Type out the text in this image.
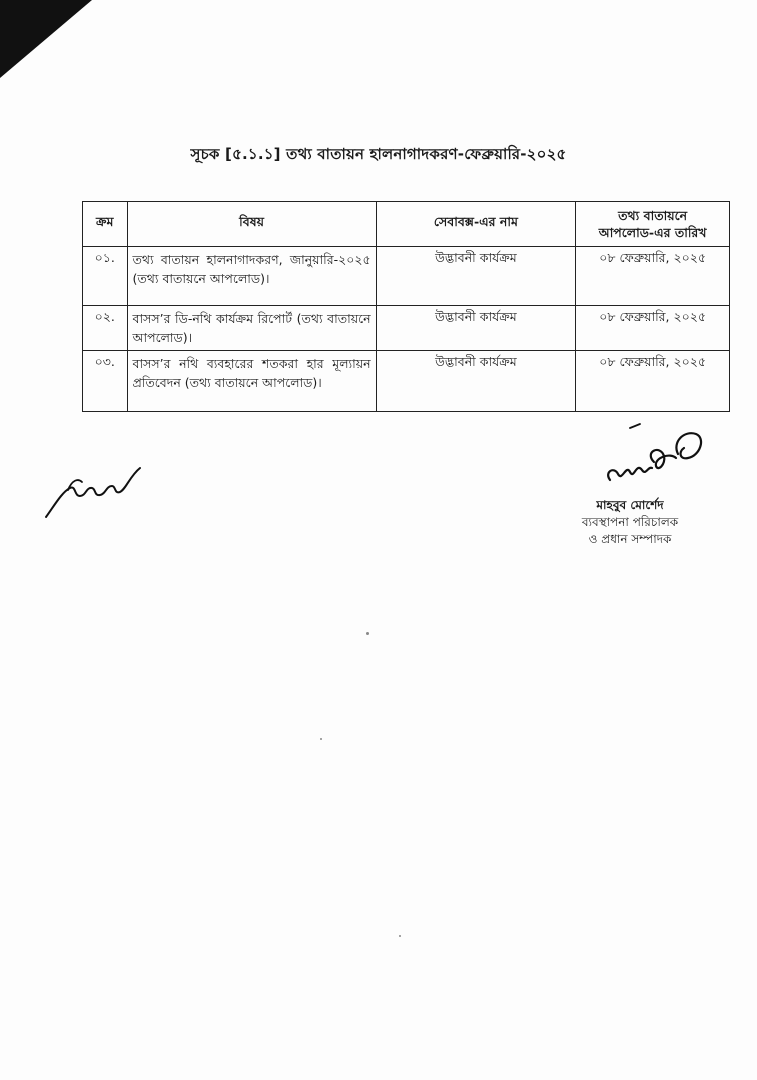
সূচক [৫.১.১] তথ্য বাতায়ন হালনাগাদকরণ-ফেব্রুয়ারি-২০২৫
ক্রম	বিষয়	সেবাবক্স-এর নাম	তথ্য বাতায়নে
আপলোড-এর তারিখ

০১.	তথ্য বাতায়ন হালনাগাদকরণ, জানুয়ারি-২০২৫ (তথ্য বাতায়নে আপলোড)।	উদ্ভাবনী কার্যক্রম	০৮ ফেব্রুয়ারি, ২০২৫
০২.	বাসস’র ডি-নথি কার্যক্রম রিপোর্ট (তথ্য বাতায়নে আপলোড)।	উদ্ভাবনী কার্যক্রম	০৮ ফেব্রুয়ারি, ২০২৫
০৩.	বাসস’র নথি ব্যবহারের শতকরা হার মূল্যায়ন প্রতিবেদন (তথ্য বাতায়নে আপলোড)।	উদ্ভাবনী কার্যক্রম	০৮ ফেব্রুয়ারি, ২০২৫
মাহবুব মোর্শেদ
ব্যবস্থাপনা পরিচালক
ও প্রধান সম্পাদক
